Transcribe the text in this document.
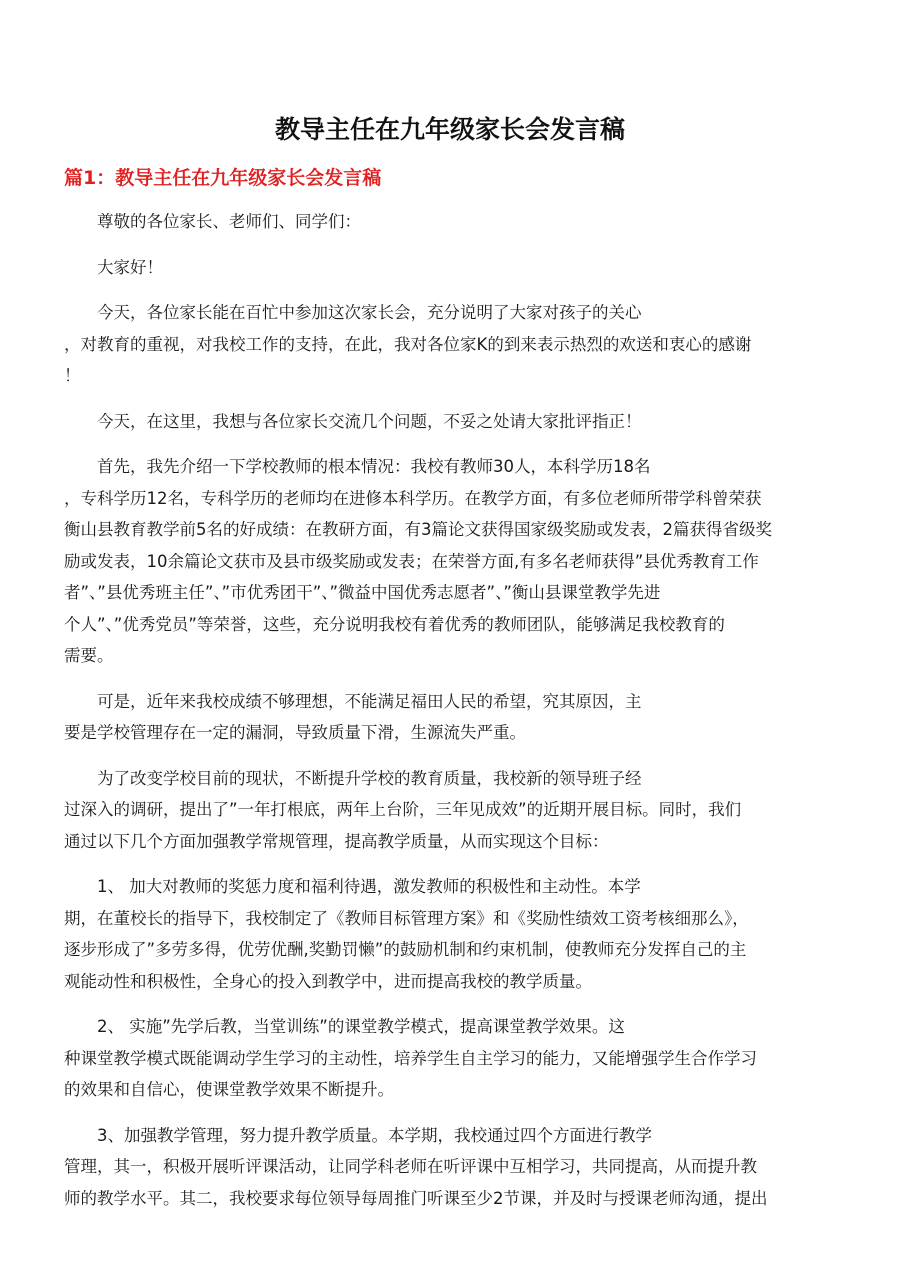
教导主任在九年级家长会发言稿
篇1：教导主任在九年级家长会发言稿
尊敬的各位家长、老师们、同学们：
大家好！
今天，各位家长能在百忙中参加这次家长会，充分说明了大家对孩子的关心
，对教育的重视，对我校工作的支持，在此，我对各位家K的到来表示热烈的欢送和衷心的感谢
！
今天，在这里，我想与各位家长交流几个问题，不妥之处请大家批评指正！
首先，我先介绍一下学校教师的根本情况：我校有教师30人，本科学历18名
，专科学历12名，专科学历的老师均在进修本科学历。在教学方面，有多位老师所带学科曾荣获
衡山县教育教学前5名的好成绩：在教研方面，有3篇论文获得国家级奖励或发表，2篇获得省级奖
励或发表，10余篇论文获市及县市级奖励或发表；在荣誉方面,有多名老师获得”县优秀教育工作
者”、”县优秀班主任”、”市优秀团干”、”微益中国优秀志愿者”、”衡山县课堂教学先进
个人”、”优秀党员”等荣誉，这些，充分说明我校有着优秀的教师团队，能够满足我校教育的
需要。
可是，近年来我校成绩不够理想，不能满足福田人民的希望，究其原因，主
要是学校管理存在一定的漏洞，导致质量下滑，生源流失严重。
为了改变学校目前的现状，不断提升学校的教育质量，我校新的领导班子经
过深入的调研，提出了”一年打根底，两年上台阶，三年见成效”的近期开展目标。同时，我们
通过以下几个方面加强教学常规管理，提高教学质量，从而实现这个目标：
1、 加大对教师的奖惩力度和福利待遇，激发教师的积极性和主动性。本学
期，在董校长的指导下，我校制定了《教师目标管理方案》和《奖励性绩效工资考核细那么》，
逐步形成了”多劳多得，优劳优酬,奖勤罚懒”的鼓励机制和约束机制，使教师充分发挥自己的主
观能动性和积极性，全身心的投入到教学中，进而提高我校的教学质量。
2、 实施”先学后教，当堂训练”的课堂教学模式，提高课堂教学效果。这
种课堂教学模式既能调动学生学习的主动性，培养学生自主学习的能力，又能增强学生合作学习
的效果和自信心，使课堂教学效果不断提升。
3、加强教学管理，努力提升教学质量。本学期，我校通过四个方面进行教学
管理，其一，积极开展听评课活动，让同学科老师在听评课中互相学习，共同提高，从而提升教
师的教学水平。其二，我校要求每位领导每周推门听课至少2节课，并及时与授课老师沟通，提出
